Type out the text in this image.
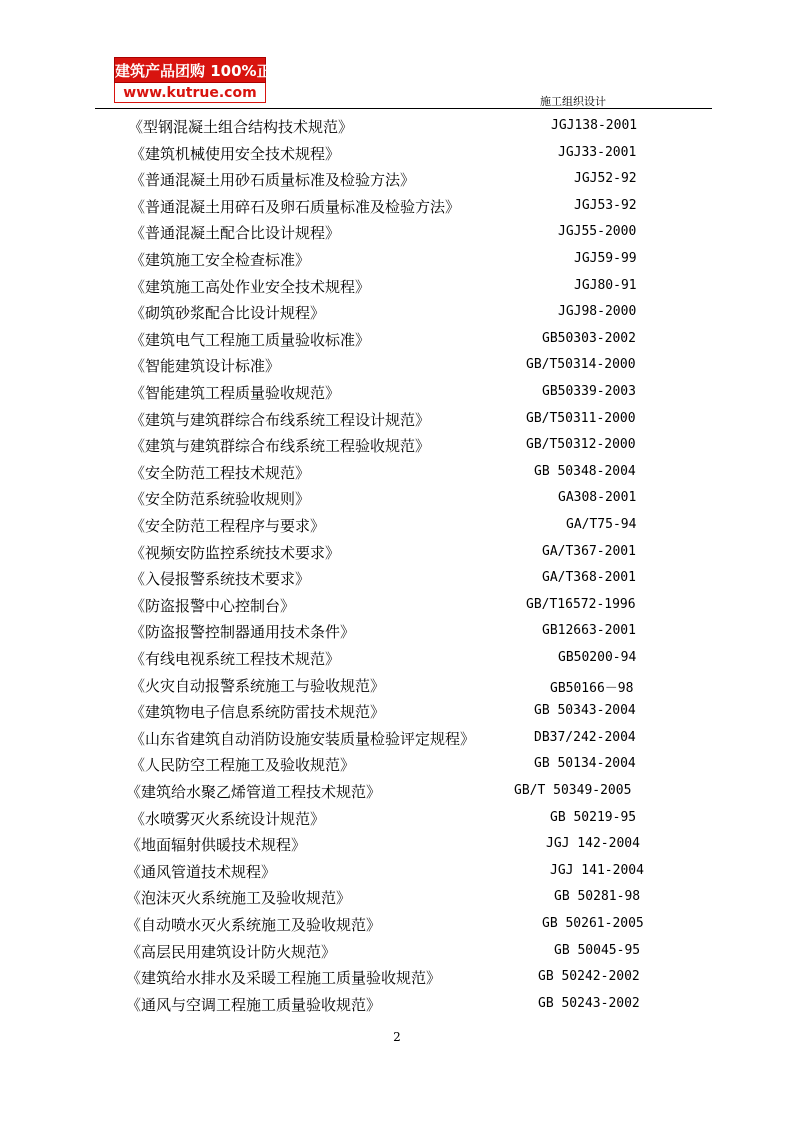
建筑产品团购 100%正品
www.kutrue.com
施工组织设计
《型钢混凝土组合结构技术规范》	JGJ138-2001
《建筑机械使用安全技术规程》	JGJ33-2001
《普通混凝土用砂石质量标准及检验方法》	JGJ52-92
《普通混凝土用碎石及卵石质量标准及检验方法》	JGJ53-92
《普通混凝土配合比设计规程》	JGJ55-2000
《建筑施工安全检查标准》	JGJ59-99
《建筑施工高处作业安全技术规程》	JGJ80-91
《砌筑砂浆配合比设计规程》	JGJ98-2000
《建筑电气工程施工质量验收标准》	GB50303-2002
《智能建筑设计标准》	GB/T50314-2000
《智能建筑工程质量验收规范》	GB50339-2003
《建筑与建筑群综合布线系统工程设计规范》	GB/T50311-2000
《建筑与建筑群综合布线系统工程验收规范》	GB/T50312-2000
《安全防范工程技术规范》	GB 50348-2004
《安全防范系统验收规则》	GA308-2001
《安全防范工程程序与要求》	GA/T75-94
《视频安防监控系统技术要求》	GA/T367-2001
《入侵报警系统技术要求》	GA/T368-2001
《防盗报警中心控制台》	GB/T16572-1996
《防盗报警控制器通用技术条件》	GB12663-2001
《有线电视系统工程技术规范》	GB50200-94
《火灾自动报警系统施工与验收规范》	GB50166－98
《建筑物电子信息系统防雷技术规范》	GB 50343-2004
《山东省建筑自动消防设施安装质量检验评定规程》	DB37/242-2004
《人民防空工程施工及验收规范》	GB 50134-2004
《建筑给水聚乙烯管道工程技术规范》	GB/T 50349-2005
《水喷雾灭火系统设计规范》	GB 50219-95
《地面辐射供暖技术规程》	JGJ 142-2004
《通风管道技术规程》	JGJ 141-2004
《泡沫灭火系统施工及验收规范》	GB 50281-98
《自动喷水灭火系统施工及验收规范》	GB 50261-2005
《高层民用建筑设计防火规范》	GB 50045-95
《建筑给水排水及采暖工程施工质量验收规范》	GB 50242-2002
《通风与空调工程施工质量验收规范》	GB 50243-2002
2
